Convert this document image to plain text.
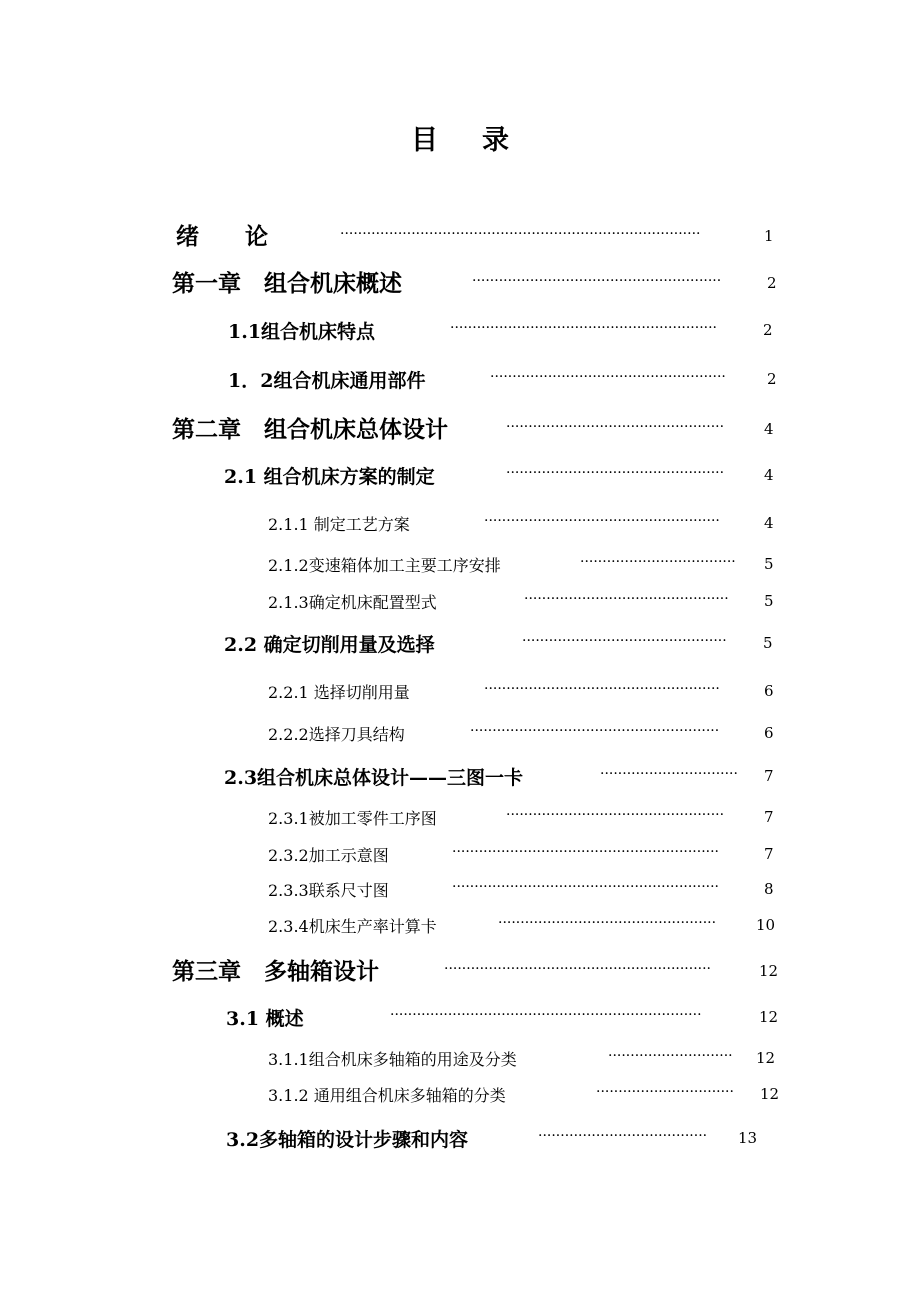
目 录
绪　　论	·················································································	1
第一章　组合机床概述	························································	2
1.1组合机床特点	····························································	2
1．2组合机床通用部件	·····················································	2
第二章　组合机床总体设计	·················································	4
2.1 组合机床方案的制定	·················································	4
2.1.1 制定工艺方案	·····················································	4
2.1.2变速箱体加工主要工序安排	···································	5
2.1.3确定机床配置型式	··············································	5
2.2 确定切削用量及选择	··············································	5
2.2.1 选择切削用量	·····················································	6
2.2.2选择刀具结构	························································	6
2.3组合机床总体设计——三图一卡	·······························	7
2.3.1被加工零件工序图	·················································	7
2.3.2加工示意图	····························································	7
2.3.3联系尺寸图	····························································	8
2.3.4机床生产率计算卡	·················································	10
第三章　多轴箱设计	····························································	12
3.1 概述	······································································	12
3.1.1组合机床多轴箱的用途及分类	····························	12
3.1.2 通用组合机床多轴箱的分类	·······························	12
3.2多轴箱的设计步骤和内容	······································	13
